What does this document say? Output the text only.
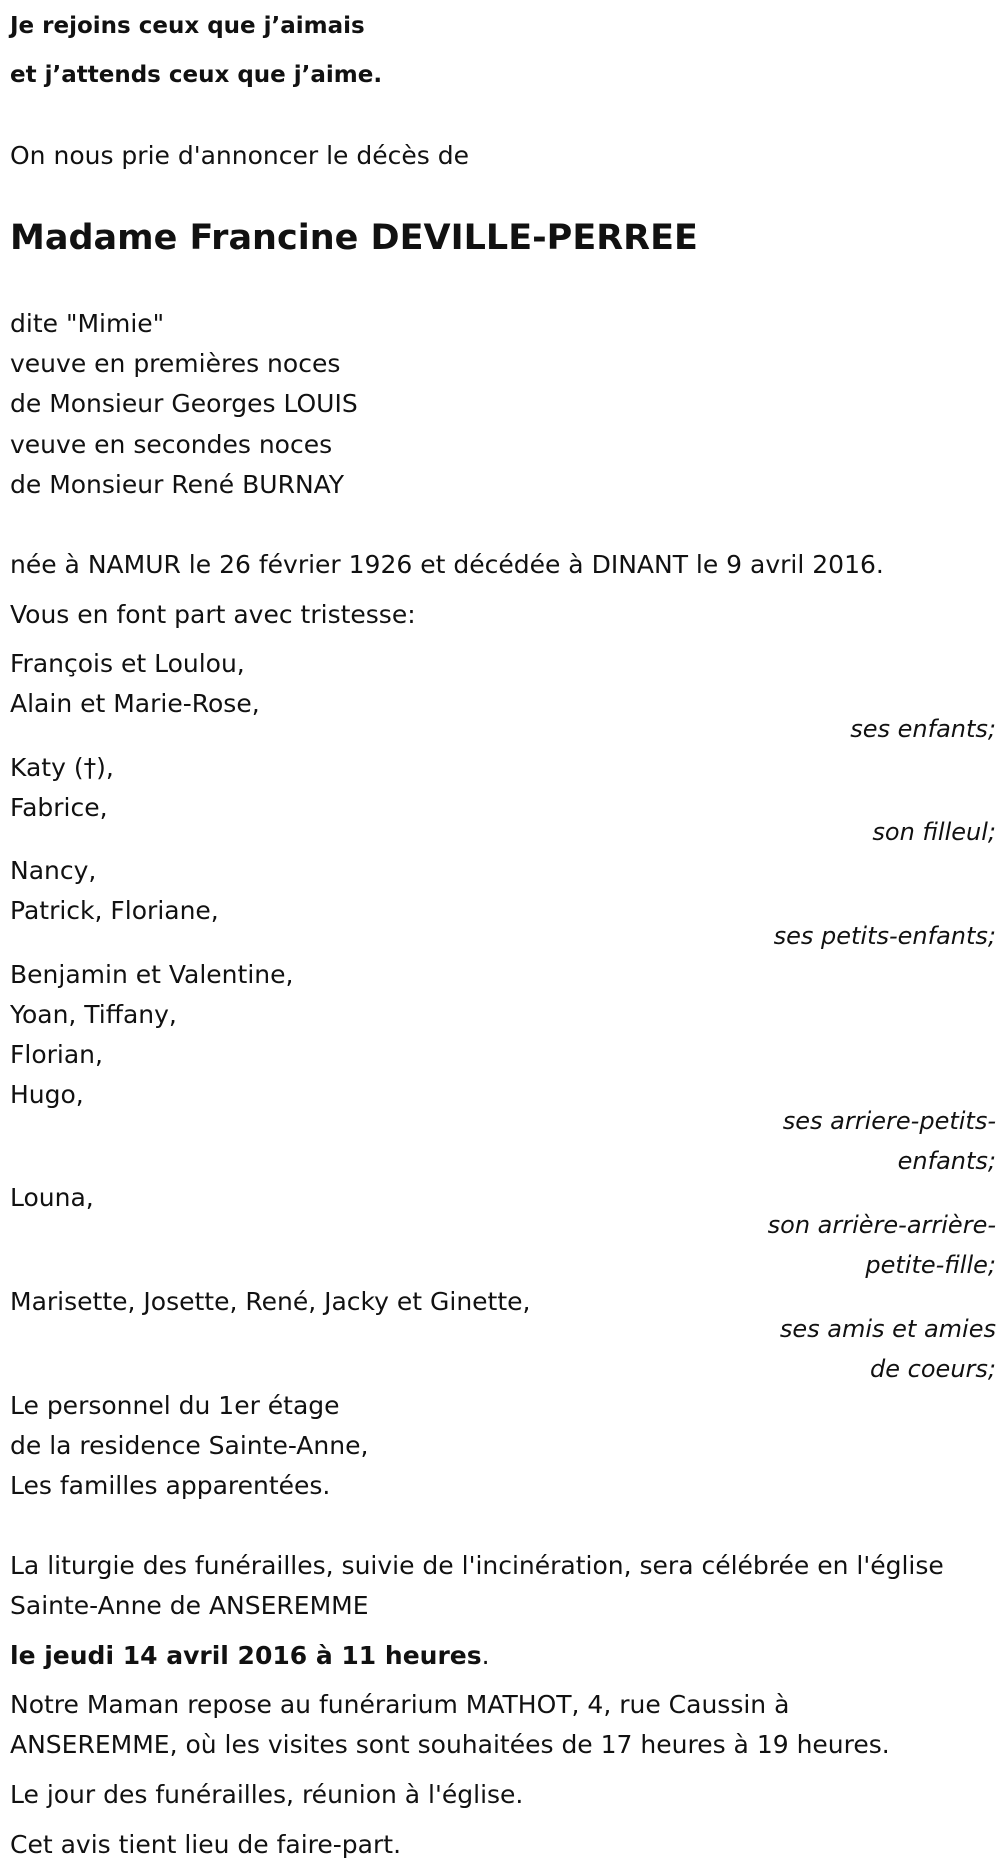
Je rejoins ceux que j’aimais

et j’attends ceux que j’aime.

On nous prie d'annoncer le décès de

Madame Francine DEVILLE-PERREE

dite "Mimie"

veuve en premières noces

de Monsieur Georges LOUIS

veuve en secondes noces

de Monsieur René BURNAY

née à NAMUR le 26 février 1926 et décédée à DINANT le 9 avril 2016.

Vous en font part avec tristesse:

François et Loulou,

Alain et Marie-Rose,

ses enfants;

Katy (†),

Fabrice,

son filleul;

Nancy,

Patrick, Floriane,

ses petits-enfants;

Benjamin et Valentine,

Yoan, Tiffany,

Florian,

Hugo,

ses arriere-petits-

enfants;

Louna,

son arrière-arrière-

petite-fille;

Marisette, Josette, René, Jacky et Ginette,

ses amis et amies

de coeurs;

Le personnel du 1er étage

de la residence Sainte-Anne,

Les familles apparentées.

La liturgie des funérailles, suivie de l'incinération, sera célébrée en l'église

Sainte-Anne de ANSEREMME

le jeudi 14 avril 2016 à 11 heures.

Notre Maman repose au funérarium MATHOT, 4, rue Caussin à

ANSEREMME, où les visites sont souhaitées de 17 heures à 19 heures.

Le jour des funérailles, réunion à l'église.

Cet avis tient lieu de faire-part.
